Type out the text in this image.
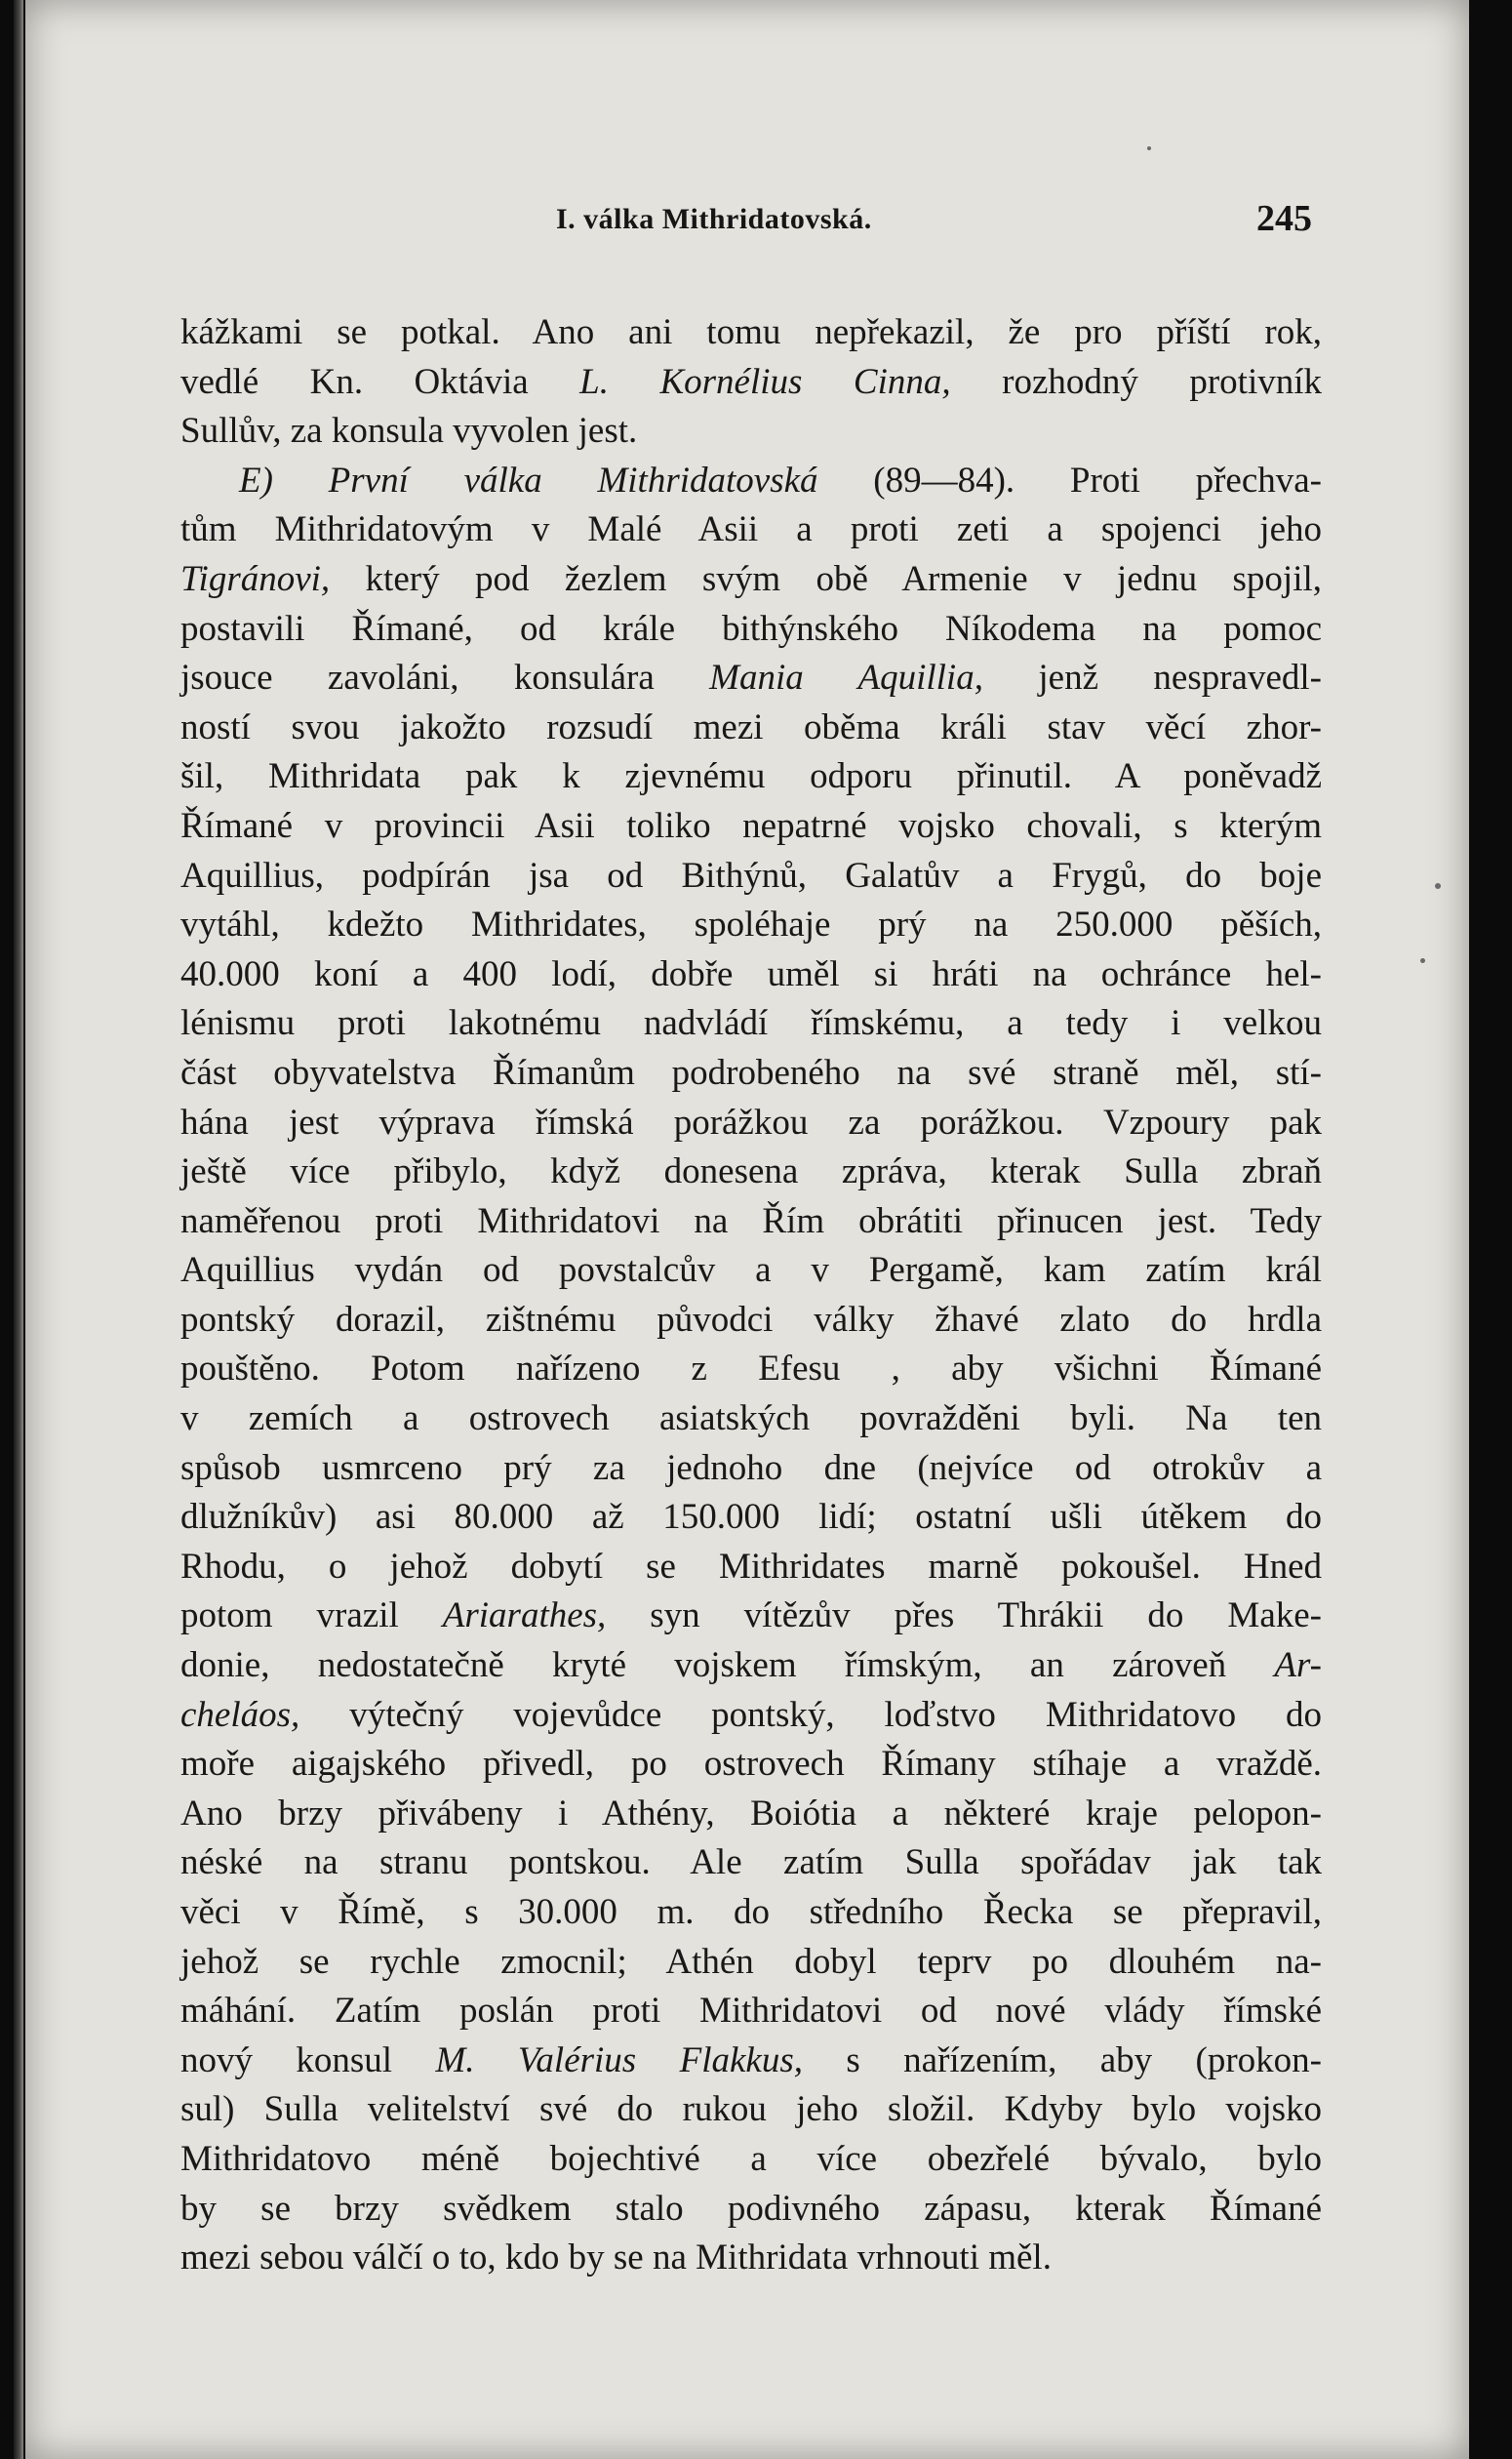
I. válka Mithridatovská.	245
kážkami se potkal. Ano ani tomu nepřekazil, že pro příští rok,
vedlé Kn. Oktávia L. Kornélius Cinna, rozhodný protivník
Sullův, za konsula vyvolen jest.
E) První válka Mithridatovská (89—84). Proti přechva-
tům Mithridatovým v Malé Asii a proti zeti a spojenci jeho
Tigránovi, který pod žezlem svým obě Armenie v jednu spojil,
postavili Římané, od krále bithýnského Níkodema na pomoc
jsouce zavoláni, konsulára Mania Aquillia, jenž nespravedl-
ností svou jakožto rozsudí mezi oběma králi stav věcí zhor-
šil, Mithridata pak k zjevnému odporu přinutil. A poněvadž
Římané v provincii Asii toliko nepatrné vojsko chovali, s kterým
Aquillius, podpírán jsa od Bithýnů, Galatův a Frygů, do boje
vytáhl, kdežto Mithridates, spoléhaje prý na 250.000 pěších,
40.000 koní a 400 lodí, dobře uměl si hráti na ochránce hel-
lénismu proti lakotnému nadvládí římskému, a tedy i velkou
část obyvatelstva Římanům podrobeného na své straně měl, stí-
hána jest výprava římská porážkou za porážkou. Vzpoury pak
ještě více přibylo, když donesena zpráva, kterak Sulla zbraň
naměřenou proti Mithridatovi na Řím obrátiti přinucen jest. Tedy
Aquillius vydán od povstalcův a v Pergamě, kam zatím král
pontský dorazil, zištnému původci války žhavé zlato do hrdla
pouštěno. Potom nařízeno z Efesu , aby všichni Římané
v zemích a ostrovech asiatských povražděni byli. Na ten
spůsob usmrceno prý za jednoho dne (nejvíce od otrokův a
dlužníkův) asi 80.000 až 150.000 lidí; ostatní ušli útěkem do
Rhodu, o jehož dobytí se Mithridates marně pokoušel. Hned
potom vrazil Ariarathes, syn vítězův přes Thrákii do Make-
donie, nedostatečně kryté vojskem římským, an zároveň Ar-
cheláos, výtečný vojevůdce pontský, loďstvo Mithridatovo do
moře aigajského přivedl, po ostrovech Římany stíhaje a vraždě.
Ano brzy přivábeny i Athény, Boiótia a některé kraje pelopon-
néské na stranu pontskou. Ale zatím Sulla spořádav jak tak
věci v Římě, s 30.000 m. do středního Řecka se přepravil,
jehož se rychle zmocnil; Athén dobyl teprv po dlouhém na-
máhání. Zatím poslán proti Mithridatovi od nové vlády římské
nový konsul M. Valérius Flakkus, s nařízením, aby (prokon-
sul) Sulla velitelství své do rukou jeho složil. Kdyby bylo vojsko
Mithridatovo méně bojechtivé a více obezřelé bývalo, bylo
by se brzy svědkem stalo podivného zápasu, kterak Římané
mezi sebou válčí o to, kdo by se na Mithridata vrhnouti měl.
